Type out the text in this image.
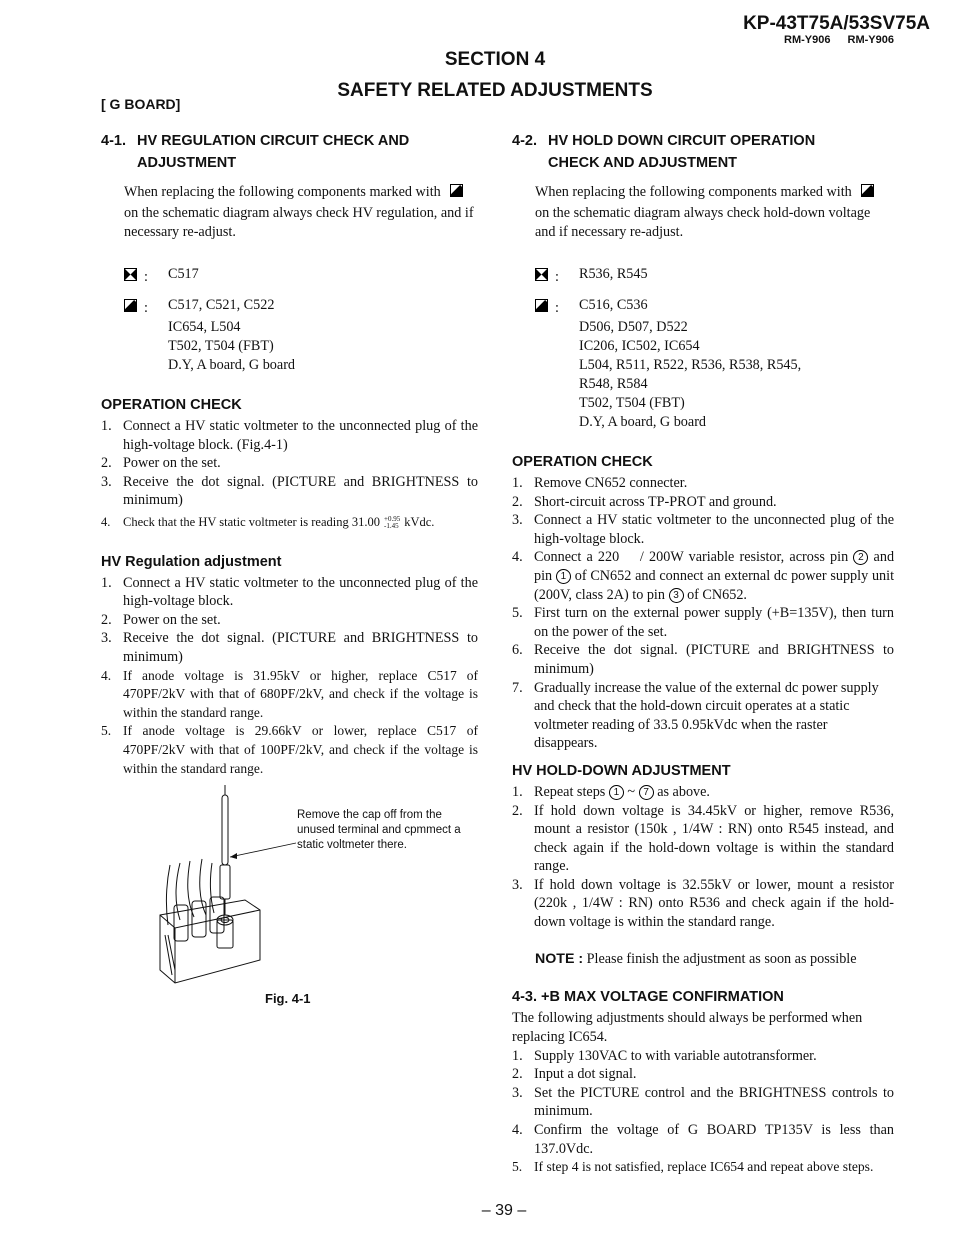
KP-43T75A/53SV75A
RM-Y906 RM-Y906
SECTION 4
SAFETY RELATED ADJUSTMENTS
[ G BOARD]
4-1. HV REGULATION CIRCUIT CHECK AND
ADJUSTMENT

When replacing the following components marked with

on the schematic diagram always check HV regulation, and if necessary re-adjust.

: C517
: C517, C521, C522
IC654, L504
T502, T504 (FBT)
D.Y, A board, G board
OPERATION CHECK
1. Connect a HV static voltmeter to the unconnected plug of the high-voltage block. (Fig.4-1)
2. Power on the set.
3. Receive the dot signal. (PICTURE and BRIGHTNESS to minimum)
4.	Check that the HV static voltmeter is reading 31.00 +0.95
-1.45 kVdc.
HV Regulation adjustment
1. Connect a HV static voltmeter to the unconnected plug of the high-voltage block.
2. Power on the set.
3. Receive the dot signal. (PICTURE and BRIGHTNESS to minimum)
4. If anode voltage is 31.95kV or higher, replace C517 of 470PF/2kV with that of 680PF/2kV, and check if the voltage is within the standard range.
5. If anode voltage is 29.66kV or lower, replace C517 of 470PF/2kV with that of 100PF/2kV, and check if the voltage is within the standard range.
Remove the cap off from the unused terminal and cpmmect a static voltmeter there.
Fig. 4-1
4-2. HV HOLD DOWN CIRCUIT OPERATION
CHECK AND ADJUSTMENT

When replacing the following components marked with

on the schematic diagram always check hold-down voltage and if necessary re-adjust.

: R536, R545
: C516, C536
D506, D507, D522
IC206, IC502, IC654
L504, R511, R522, R536, R538, R545,
R548, R584
T502, T504 (FBT)
D.Y, A board, G board
OPERATION CHECK
1. Remove CN652 connecter.
2. Short-circuit across TP-PROT and ground.
3. Connect a HV static voltmeter to the unconnected plug of the high-voltage block.
4. Connect a 220 / 200W variable resistor, across pin 2 and pin 1 of CN652 and connect an external dc power supply unit (200V, class 2A) to pin 3 of CN652.
5. First turn on the external power supply (+B=135V), then turn on the power of the set.
6. Receive the dot signal. (PICTURE and BRIGHTNESS to minimum)
7. Gradually increase the value of the external dc power supply and check that the hold-down circuit operates at a static voltmeter reading of 33.5 0.95kVdc when the raster disappears.
HV HOLD-DOWN ADJUSTMENT
1. Repeat steps 1 ~ 7 as above.
2. If hold down voltage is 34.45kV or higher, remove R536, mount a resistor (150k , 1/4W : RN) onto R545 instead, and check again if the hold-down voltage is within the standard range.
3. If hold down voltage is 32.55kV or lower, mount a resistor (220k , 1/4W : RN) onto R536 and check again if the hold-down voltage is within the standard range.
NOTE : Please finish the adjustment as soon as possible
4-3. +B MAX VOLTAGE CONFIRMATION
The following adjustments should always be performed when replacing IC654.
1. Supply 130VAC to with variable autotransformer.
2. Input a dot signal.
3. Set the PICTURE control and the BRIGHTNESS controls to minimum.
4. Confirm the voltage of G BOARD TP135V is less than 137.0Vdc.
5. If step 4 is not satisfied, replace IC654 and repeat above steps.
– 39 –
